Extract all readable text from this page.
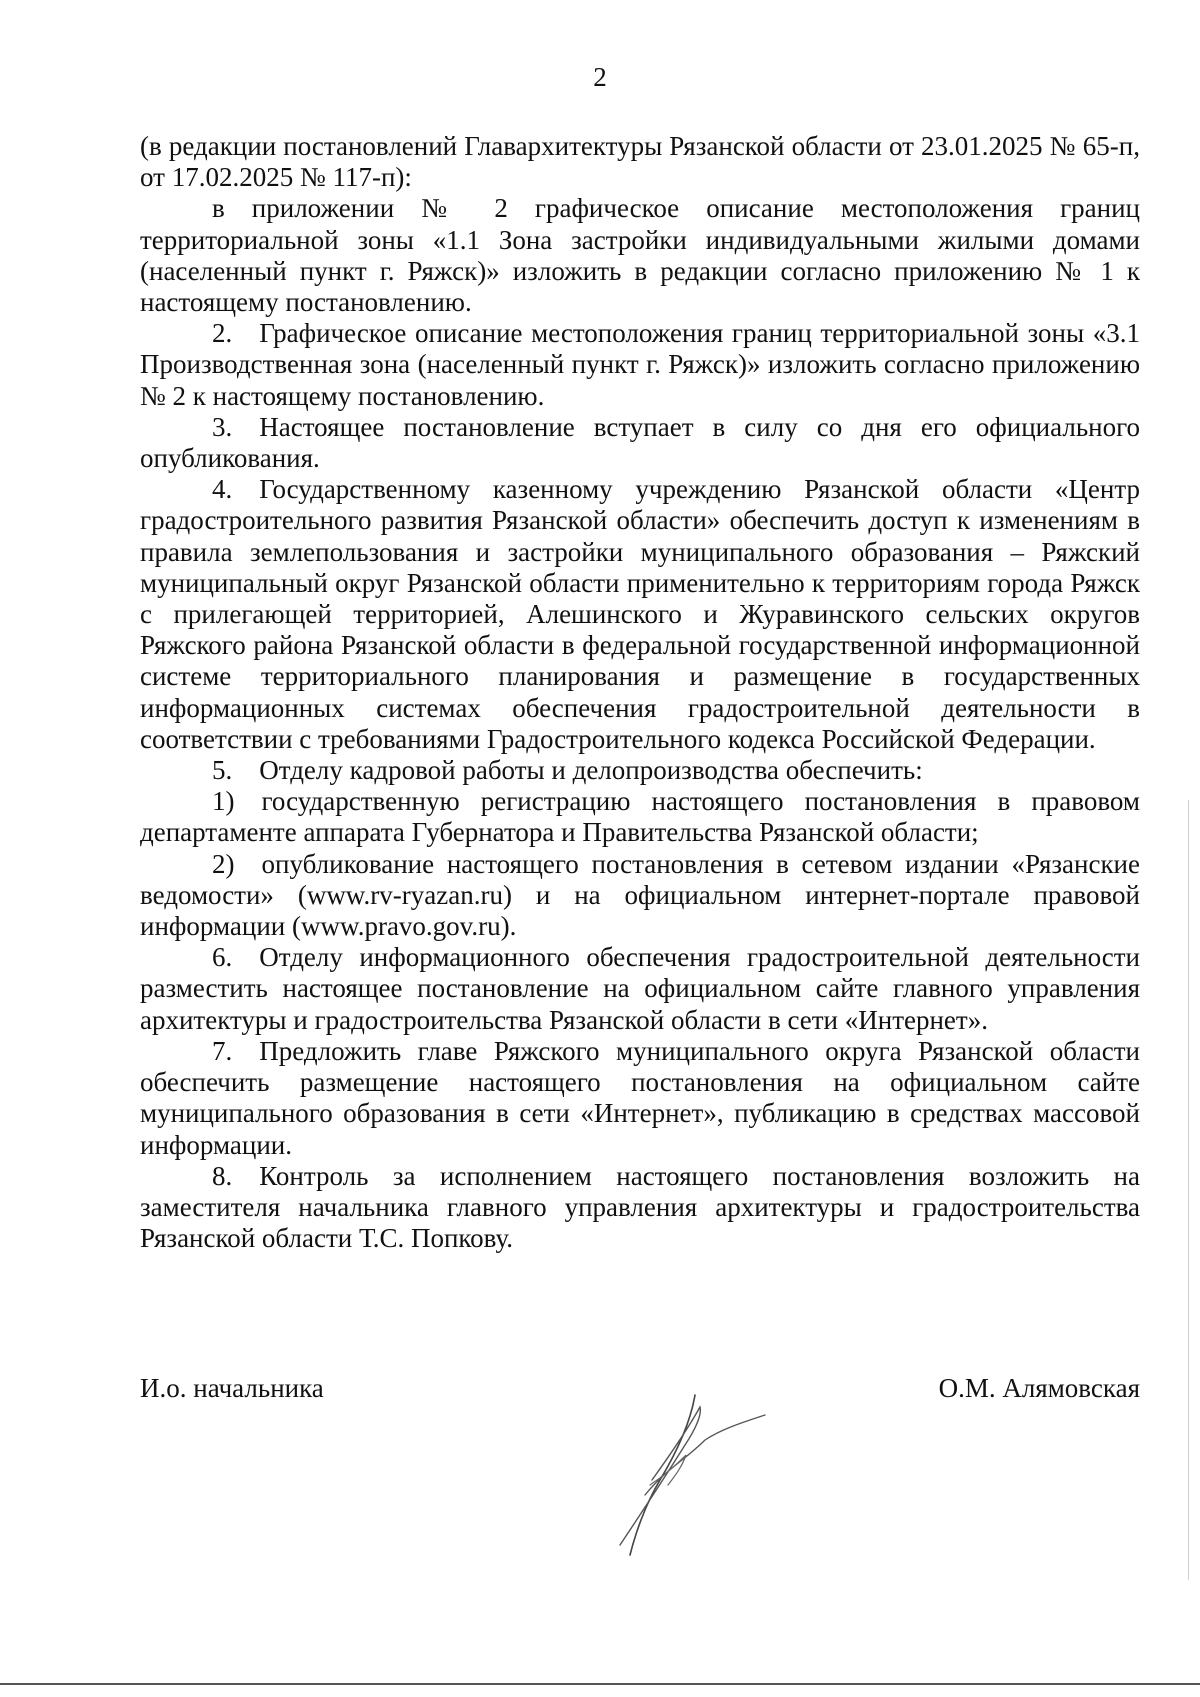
2

(в редакции постановлений Главархитектуры Рязанской области от 23.01.2025 № 65-п, от 17.02.2025 № 117-п):

в приложении № 2 графическое описание местоположения границ территориальной зоны «1.1 Зона застройки индивидуальными жилыми домами (населенный пункт г. Ряжск)» изложить в редакции согласно приложению № 1 к настоящему постановлению.

2. Графическое описание местоположения границ территориальной зоны «3.1 Производственная зона (населенный пункт г. Ряжск)» изложить согласно приложению № 2 к настоящему постановлению.

3. Настоящее постановление вступает в силу со дня его официального опубликования.

4. Государственному казенному учреждению Рязанской области «Центр градостроительного развития Рязанской области» обеспечить доступ к изменениям в правила землепользования и застройки муниципального образования – Ряжский муниципальный округ Рязанской области применительно к территориям города Ряжск с прилегающей территорией, Алешинского и Журавинского сельских округов Ряжского района Рязанской области в федеральной государственной информационной системе территориального планирования и размещение в государственных информационных системах обеспечения градостроительной деятельности в соответствии с требованиями Градостроительного кодекса Российской Федерации.

5. Отделу кадровой работы и делопроизводства обеспечить:

1) государственную регистрацию настоящего постановления в правовом департаменте аппарата Губернатора и Правительства Рязанской области;

2) опубликование настоящего постановления в сетевом издании «Рязанские ведомости» (www.rv-ryazan.ru) и на официальном интернет-портале правовой информации (www.pravo.gov.ru).

6. Отделу информационного обеспечения градостроительной деятельности разместить настоящее постановление на официальном сайте главного управления архитектуры и градостроительства Рязанской области в сети «Интернет».

7. Предложить главе Ряжского муниципального округа Рязанской области обеспечить размещение настоящего постановления на официальном сайте муниципального образования в сети «Интернет», публикацию в средствах массовой информации.

8. Контроль за исполнением настоящего постановления возложить на заместителя начальника главного управления архитектуры и градостроительства Рязанской области Т.С. Попкову.

И.о. начальника	О.М. Алямовская
